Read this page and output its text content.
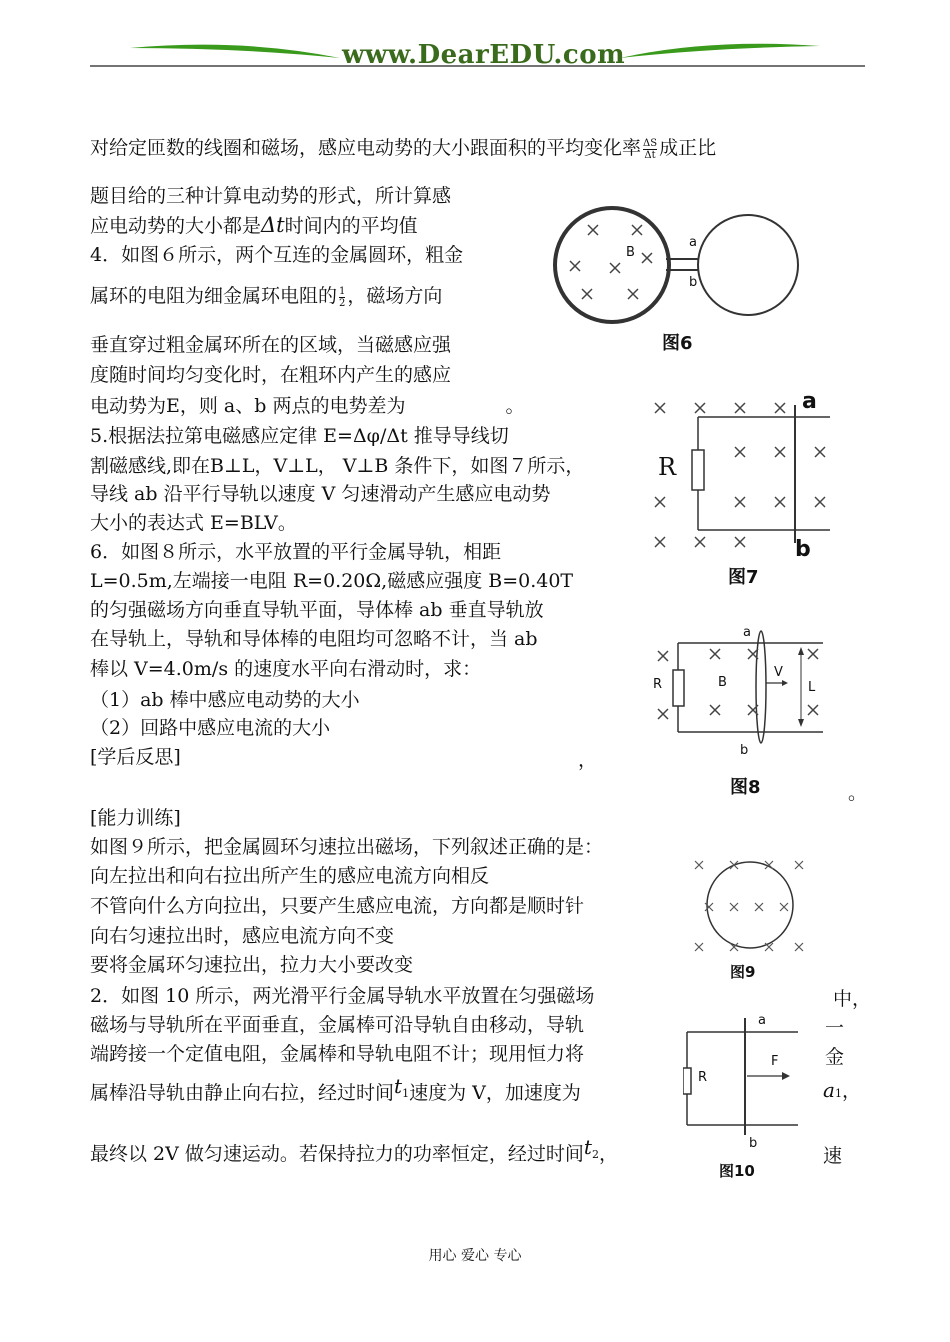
www.DearEDU.com
对给定匝数的线圈和磁场，感应电动势的大小跟面积的平均变化率 $\frac{\Delta S}{\Delta t}$ 成正比
题目给的三种计算电动势的形式，所计算感
应电动势的大小都是Δt时间内的平均值
4．如图６所示，两个互连的金属圆环，粗金
属环的电阻为细金属环电阻的 $\frac{1}{2}$ ，磁场方向
垂直穿过粗金属环所在的区域，当磁感应强
度随时间均匀变化时，在粗环内产生的感应
电动势为E，则 a、b 两点的电势差为	。
5.根据法拉第电磁感应定律 E=Δφ/Δt 推导导线切
割磁感线,即在B⊥L，V⊥L， V⊥B 条件下，如图７所示，
导线 ab 沿平行导轨以速度 V 匀速滑动产生感应电动势
大小的表达式 E=BLV。
6．如图８所示，水平放置的平行金属导轨，相距
L=0.5m,左端接一电阻 R=0.20Ω,磁感应强度 B=0.40T
的匀强磁场方向垂直导轨平面，导体棒 ab 垂直导轨放
在导轨上，导轨和导体棒的电阻均可忽略不计，当 ab
棒以 V=4.0m/s 的速度水平向右滑动时，求：
（1）ab 棒中感应电动势的大小
（2）回路中感应电流的大小
[学后反思]	，
。
[能力训练]
如图９所示，把金属圆环匀速拉出磁场，下列叙述正确的是：
向左拉出和向右拉出所产生的感应电流方向相反
不管向什么方向拉出，只要产生感应电流，方向都是顺时针
向右匀速拉出时，感应电流方向不变
要将金属环匀速拉出，拉力大小要改变
2．如图 10 所示，两光滑平行金属导轨水平放置在匀强磁场	中，
磁场与导轨所在平面垂直，金属棒可沿导轨自由移动，导轨	一
端跨接一个定值电阻，金属棒和导轨电阻不计；现用恒力将	金
属棒沿导轨由静止向右拉，经过时间t1速度为 V，加速度为	a1，
最终以 2V 做匀速运动。若保持拉力的功率恒定，经过时间t2，	速
B
a
b
图6
R
a
b
图7
R	B
a
b
V
L
图8
图9
R
a
b
F
图10
用心 爱心 专心
